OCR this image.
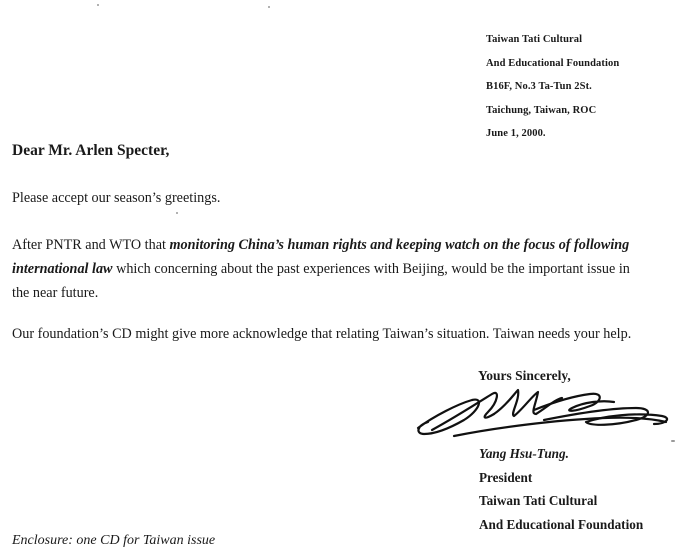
Taiwan Tati Cultural
And Educational Foundation
B16F, No.3 Ta-Tun 2St.
Taichung, Taiwan, ROC
June 1, 2000.
Dear Mr. Arlen Specter,
Please accept our season’s greetings.
After PNTR and WTO that monitoring China’s human rights and keeping watch on the focus of following
international law which concerning about the past experiences with Beijing, would be the important issue in
the near future.
Our foundation’s CD might give more acknowledge that relating Taiwan’s situation. Taiwan needs your help.
Yours Sincerely,
Yang Hsu-Tung.
President
Taiwan Tati Cultural
And Educational Foundation
Enclosure: one CD for Taiwan issue
